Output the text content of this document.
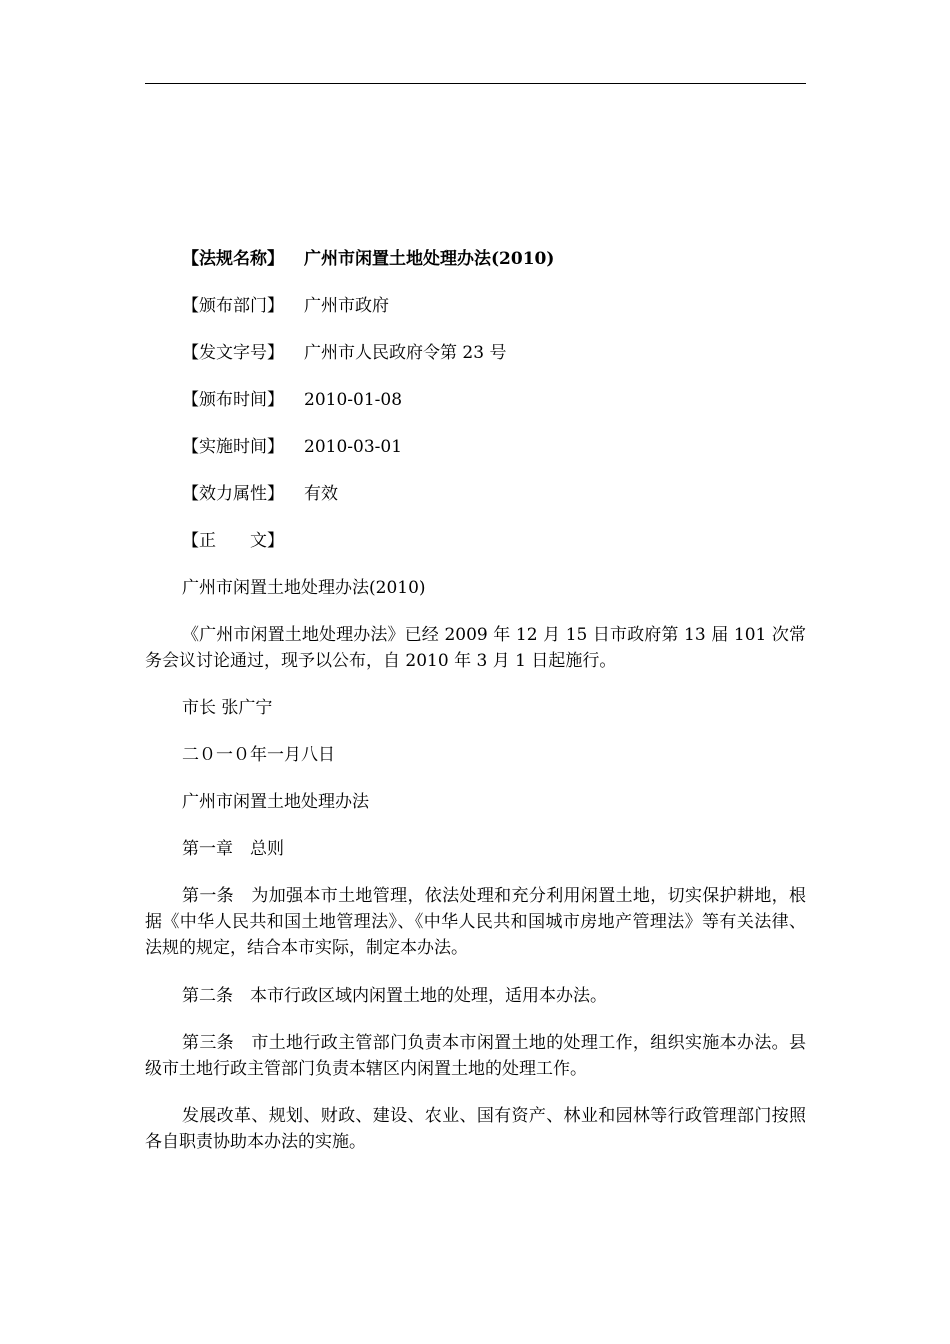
【法规名称】 广州市闲置土地处理办法(2010)
【颁布部门】 广州市政府
【发文字号】 广州市人民政府令第 23 号
【颁布时间】 2010-01-08
【实施时间】 2010-03-01
【效力属性】 有效
【正　　文】
广州市闲置土地处理办法(2010)
《广州市闲置土地处理办法》已经 2009 年 12 月 15 日市政府第 13 届 101 次常务会议讨论通过，现予以公布，自 2010 年 3 月 1 日起施行。
市长 张广宁
二０一０年一月八日
广州市闲置土地处理办法
第一章　总则
第一条　为加强本市土地管理，依法处理和充分利用闲置土地，切实保护耕地，根据《中华人民共和国土地管理法》、《中华人民共和国城市房地产管理法》等有关法律、法规的规定，结合本市实际，制定本办法。
第二条　本市行政区域内闲置土地的处理，适用本办法。
第三条　市土地行政主管部门负责本市闲置土地的处理工作，组织实施本办法。县级市土地行政主管部门负责本辖区内闲置土地的处理工作。
发展改革、规划、财政、建设、农业、国有资产、林业和园林等行政管理部门按照各自职责协助本办法的实施。
